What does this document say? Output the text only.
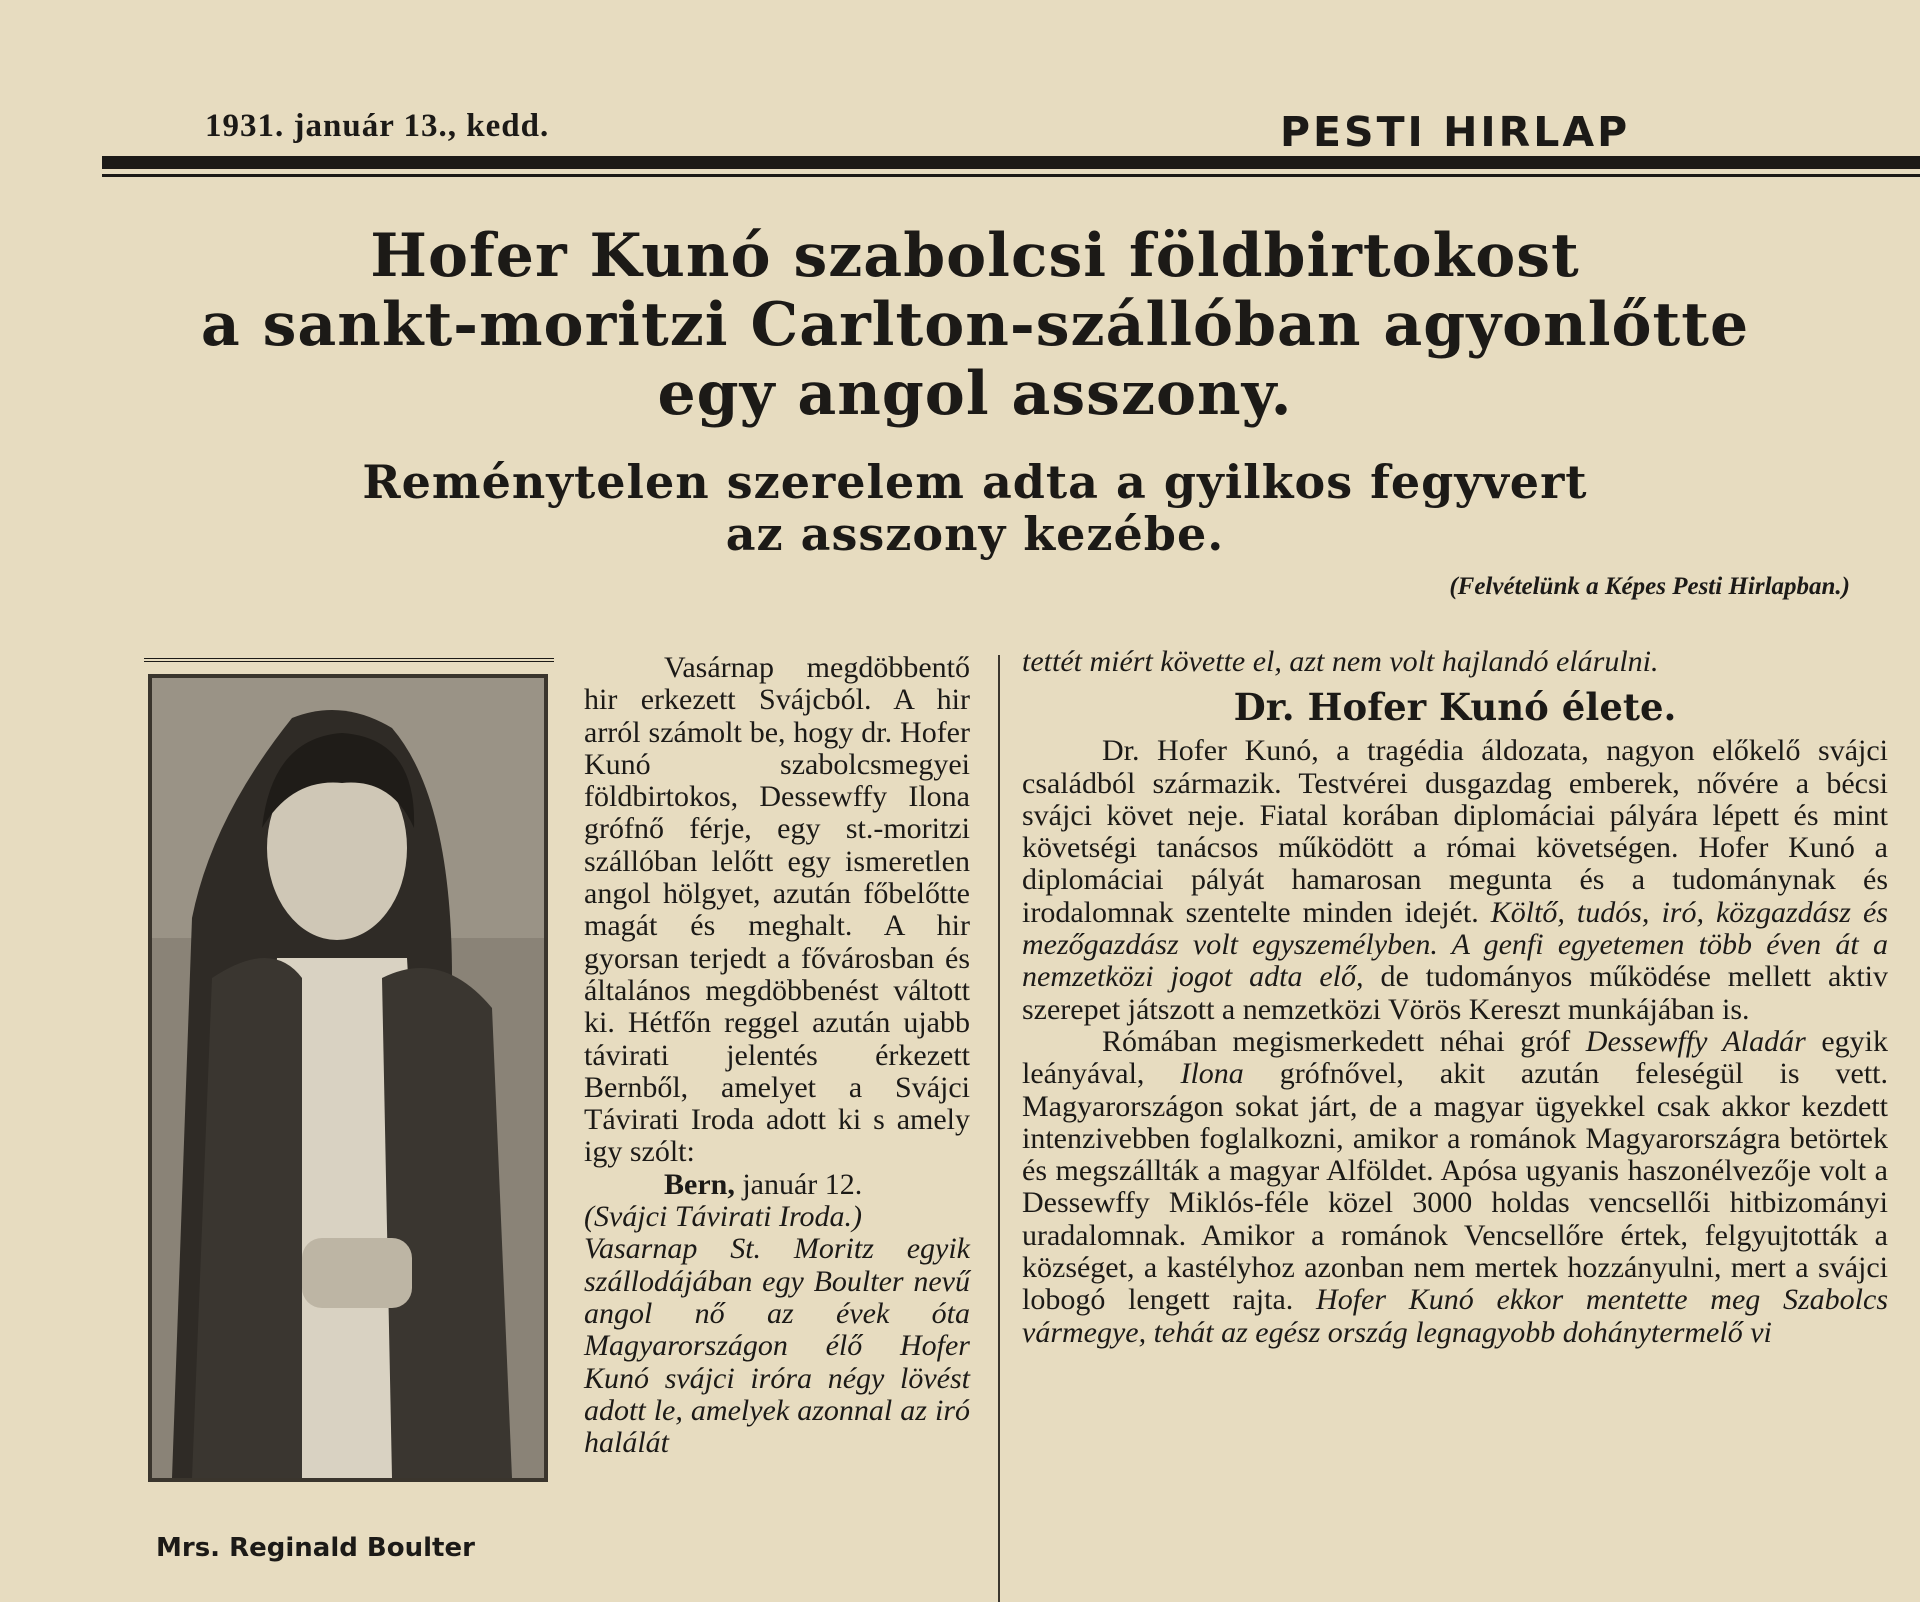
1931. január 13., kedd.	PESTI HIRLAP
Hofer Kunó szabolcsi földbirtokost
a sankt-moritzi Carlton-szállóban agyonlőtte
egy angol asszony.
Reménytelen szerelem adta a gyilkos fegyvert
az asszony kezébe.
(Felvételünk a Képes Pesti Hirlapban.)
Mrs. Reginald Boulter

Vasárnap megdöbbentő hir erkezett Svájcból. A hir arról számolt be, hogy dr. Hofer Kunó szabolcsmegyei földbirtokos, Dessewffy Ilona grófnő férje, egy st.-moritzi szállóban lelőtt egy ismeretlen angol hölgyet, azután főbelőtte magát és meghalt. A hir gyorsan terjedt a fővárosban és általános megdöbbenést váltott ki. Hétfőn reggel azután ujabb távirati jelentés érkezett Bernből, amelyet a Svájci Távirati Iroda adott ki s amely igy szólt:

Bern, január 12.

(Svájci Távirati Iroda.)

Vasarnap St. Moritz egyik szállodájában egy Boulter nevű angol nő az évek óta Magyarországon élő Hofer Kunó svájci iróra négy lövést adott le, amelyek azonnal az iró halálát

tettét miért követte el, azt nem volt hajlandó elárulni.

Dr. Hofer Kunó élete.

Dr. Hofer Kunó, a tragédia áldozata, nagyon előkelő svájci családból származik. Testvérei dusgazdag emberek, nővére a bécsi svájci követ neje. Fiatal korában diplomáciai pályára lépett és mint követségi tanácsos működött a római követségen. Hofer Kunó a diplomáciai pályát hamarosan megunta és a tudománynak és irodalomnak szentelte minden idejét. Költő, tudós, iró, közgazdász és mezőgazdász volt egyszemélyben. A genfi egyetemen több éven át a nemzetközi jogot adta elő, de tudományos működése mellett aktiv szerepet játszott a nemzetközi Vörös Kereszt munkájában is.

Rómában megismerkedett néhai gróf Dessewffy Aladár egyik leányával, Ilona grófnővel, akit azután feleségül is vett. Magyarországon sokat járt, de a magyar ügyekkel csak akkor kezdett intenzivebben foglalkozni, amikor a románok Magyarországra betörtek és megszállták a magyar Alföldet. Apósa ugyanis haszonélvezője volt a Dessewffy Miklós-féle közel 3000 holdas vencsellői hitbizományi uradalomnak. Amikor a románok Vencsellőre értek, felgyujtották a községet, a kastélyhoz azonban nem mertek hozzányulni, mert a svájci lobogó lengett rajta. Hofer Kunó ekkor mentette meg Szabolcs vármegye, tehát az egész ország legnagyobb dohánytermelő vi
